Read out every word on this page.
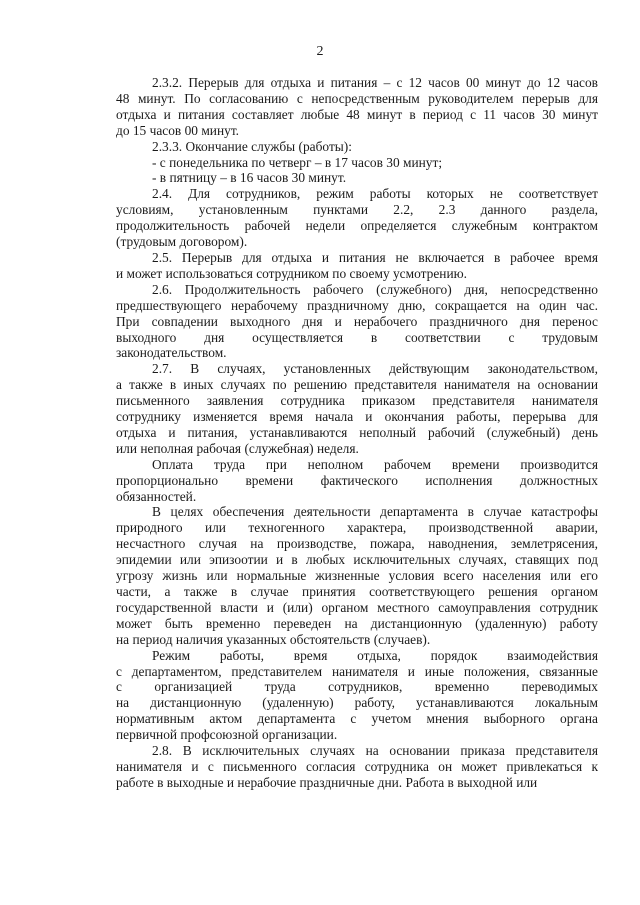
2
2.3.2. Перерыв для отдыха и питания – с 12 часов 00 минут до 12 часов
48 минут. По согласованию с непосредственным руководителем перерыв для
отдыха и питания составляет любые 48 минут в период с 11 часов 30 минут
до 15 часов 00 минут.
2.3.3. Окончание службы (работы):
- с понедельника по четверг – в 17 часов 30 минут;
- в пятницу – в 16 часов 30 минут.
2.4. Для сотрудников, режим работы которых не соответствует
условиям, установленным пунктами 2.2, 2.3 данного раздела,
продолжительность рабочей недели определяется служебным контрактом
(трудовым договором).
2.5. Перерыв для отдыха и питания не включается в рабочее время
и может использоваться сотрудником по своему усмотрению.
2.6. Продолжительность рабочего (служебного) дня, непосредственно
предшествующего нерабочему праздничному дню, сокращается на один час.
При совпадении выходного дня и нерабочего праздничного дня перенос
выходного дня осуществляется в соответствии с трудовым
законодательством.
2.7. В случаях, установленных действующим законодательством,
а также в иных случаях по решению представителя нанимателя на основании
письменного заявления сотрудника приказом представителя нанимателя
сотруднику изменяется время начала и окончания работы, перерыва для
отдыха и питания, устанавливаются неполный рабочий (служебный) день
или неполная рабочая (служебная) неделя.
Оплата труда при неполном рабочем времени производится
пропорционально времени фактического исполнения должностных
обязанностей.
В целях обеспечения деятельности департамента в случае катастрофы
природного или техногенного характера, производственной аварии,
несчастного случая на производстве, пожара, наводнения, землетрясения,
эпидемии или эпизоотии и в любых исключительных случаях, ставящих под
угрозу жизнь или нормальные жизненные условия всего населения или его
части, а также в случае принятия соответствующего решения органом
государственной власти и (или) органом местного самоуправления сотрудник
может быть временно переведен на дистанционную (удаленную) работу
на период наличия указанных обстоятельств (случаев).
Режим работы, время отдыха, порядок взаимодействия
с департаментом, представителем нанимателя и иные положения, связанные
с организацией труда сотрудников, временно переводимых
на дистанционную (удаленную) работу, устанавливаются локальным
нормативным актом департамента с учетом мнения выборного органа
первичной профсоюзной организации.
2.8. В исключительных случаях на основании приказа представителя
нанимателя и с письменного согласия сотрудника он может привлекаться к
работе в выходные и нерабочие праздничные дни. Работа в выходной или
